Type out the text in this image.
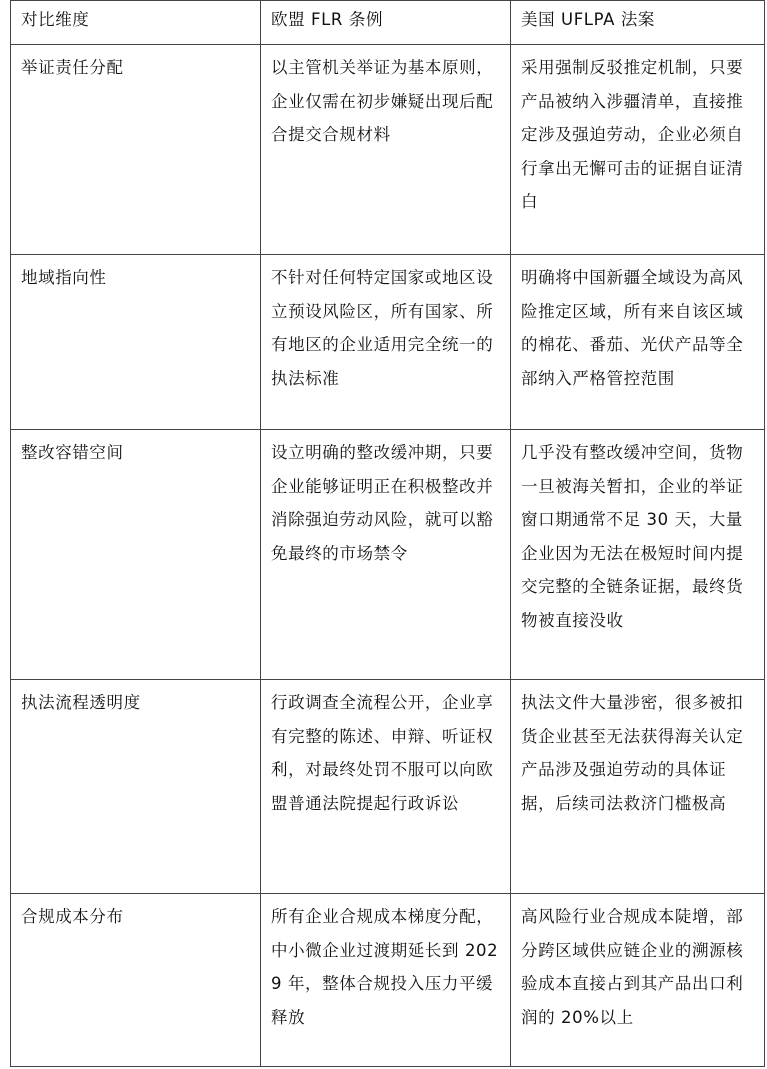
对比维度	欧盟 FLR 条例	美国 UFLPA 法案
举证责任分配	以主管机关举证为基本原则，企业仅需在初步嫌疑出现后配合提交合规材料	采用强制反驳推定机制，只要产品被纳入涉疆清单，直接推定涉及强迫劳动，企业必须自行拿出无懈可击的证据自证清白
地域指向性	不针对任何特定国家或地区设立预设风险区，所有国家、所有地区的企业适用完全统一的执法标准	明确将中国新疆全域设为高风险推定区域，所有来自该区域的棉花、番茄、光伏产品等全部纳入严格管控范围
整改容错空间	设立明确的整改缓冲期，只要企业能够证明正在积极整改并消除强迫劳动风险，就可以豁免最终的市场禁令	几乎没有整改缓冲空间，货物一旦被海关暂扣，企业的举证窗口期通常不足 30 天，大量企业因为无法在极短时间内提交完整的全链条证据，最终货物被直接没收
执法流程透明度	行政调查全流程公开，企业享有完整的陈述、申辩、听证权利，对最终处罚不服可以向欧盟普通法院提起行政诉讼	执法文件大量涉密，很多被扣货企业甚至无法获得海关认定产品涉及强迫劳动的具体证据，后续司法救济门槛极高
合规成本分布	所有企业合规成本梯度分配，中小微企业过渡期延长到 2029 年，整体合规投入压力平缓释放	高风险行业合规成本陡增，部分跨区域供应链企业的溯源核验成本直接占到其产品出口利润的 20%以上
